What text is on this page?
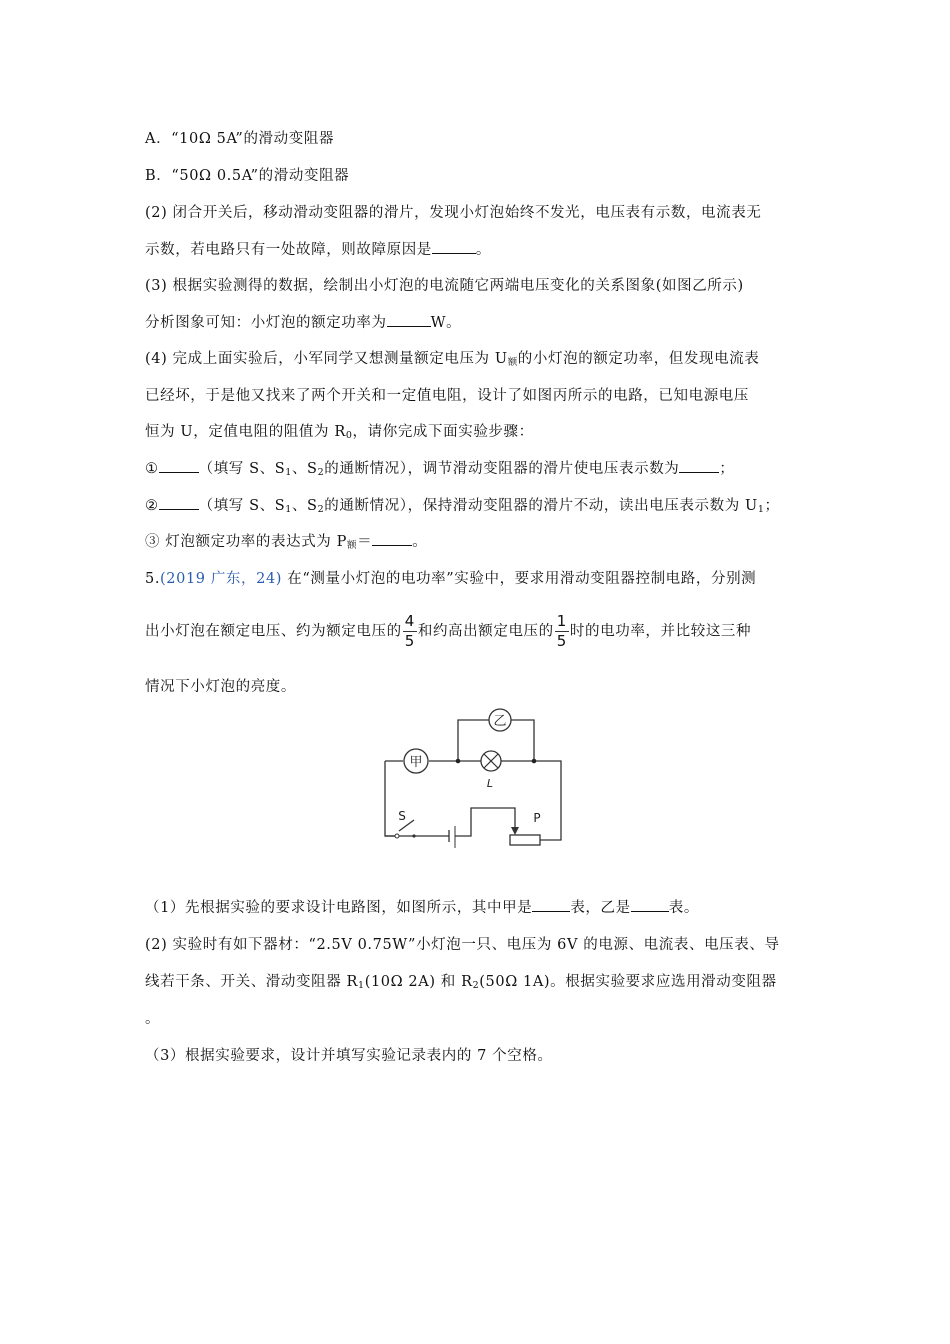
A．“10Ω 5A”的滑动变阻器
B．“50Ω 0.5A”的滑动变阻器
(2) 闭合开关后，移动滑动变阻器的滑片，发现小灯泡始终不发光，电压表有示数，电流表无
示数，若电路只有一处故障，则故障原因是	。
(3) 根据实验测得的数据，绘制出小灯泡的电流随它两端电压变化的关系图象(如图乙所示)
分析图象可知：小灯泡的额定功率为	W。
(4) 完成上面实验后，小军同学又想测量额定电压为 $U_额$的小灯泡的额定功率，但发现电流表
已经坏，于是他又找来了两个开关和一定值电阻，设计了如图丙所示的电路，已知电源电压
恒为 U，定值电阻的阻值为 $R_0$，请你完成下面实验步骤：
①	（填写 S、$S_1$、$S_2$的通断情况），调节滑动变阻器的滑片使电压表示数为	；
②	（填写 S、$S_1$、$S_2$的通断情况），保持滑动变阻器的滑片不动，读出电压表示数为 $U_1$；
③ 灯泡额定功率的表达式为 $P_额=$	。
5.(2019 广东，24) 在“测量小灯泡的电功率”实验中，要求用滑动变阻器控制电路，分别测
出小灯泡在额定电压、约为额定电压的 $\frac{4}{5}$ 和约高出额定电压的 $\frac{1}{5}$ 时的电功率，并比较这三种
情况下小灯泡的亮度。
甲
乙
L
S	P
（1）先根据实验的要求设计电路图，如图所示，其中甲是	表，乙是	表。
(2) 实验时有如下器材：“2.5V 0.75W”小灯泡一只、电压为 6V 的电源、电流表、电压表、导
线若干条、开关、滑动变阻器 $R_1(10\Omega$ 2A) 和 $R_2(50\Omega$ 1A)。根据实验要求应选用滑动变阻器
。
（3）根据实验要求，设计并填写实验记录表内的 7 个空格。
